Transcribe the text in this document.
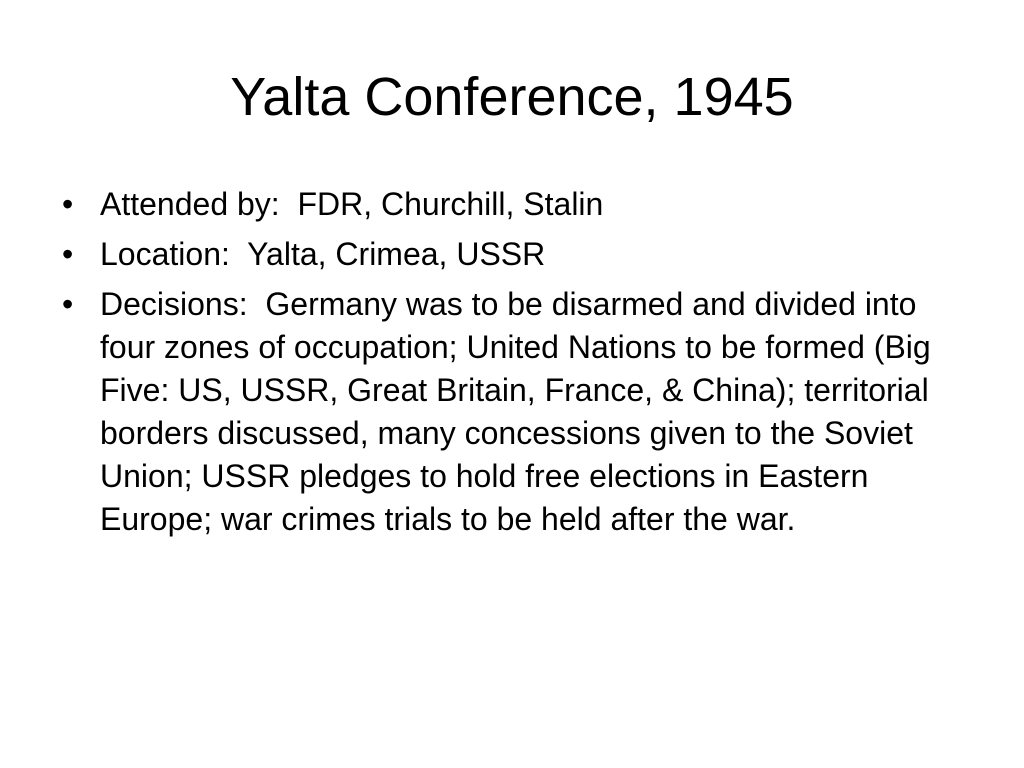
Yalta Conference, 1945
• Attended by:  FDR, Churchill, Stalin
• Location:  Yalta, Crimea, USSR
• Decisions:  Germany was to be disarmed and divided into four zones of occupation; United Nations to be formed (Big Five: US, USSR, Great Britain, France, & China); territorial borders discussed, many concessions given to the Soviet Union; USSR pledges to hold free elections in Eastern Europe; war crimes trials to be held after the war.
